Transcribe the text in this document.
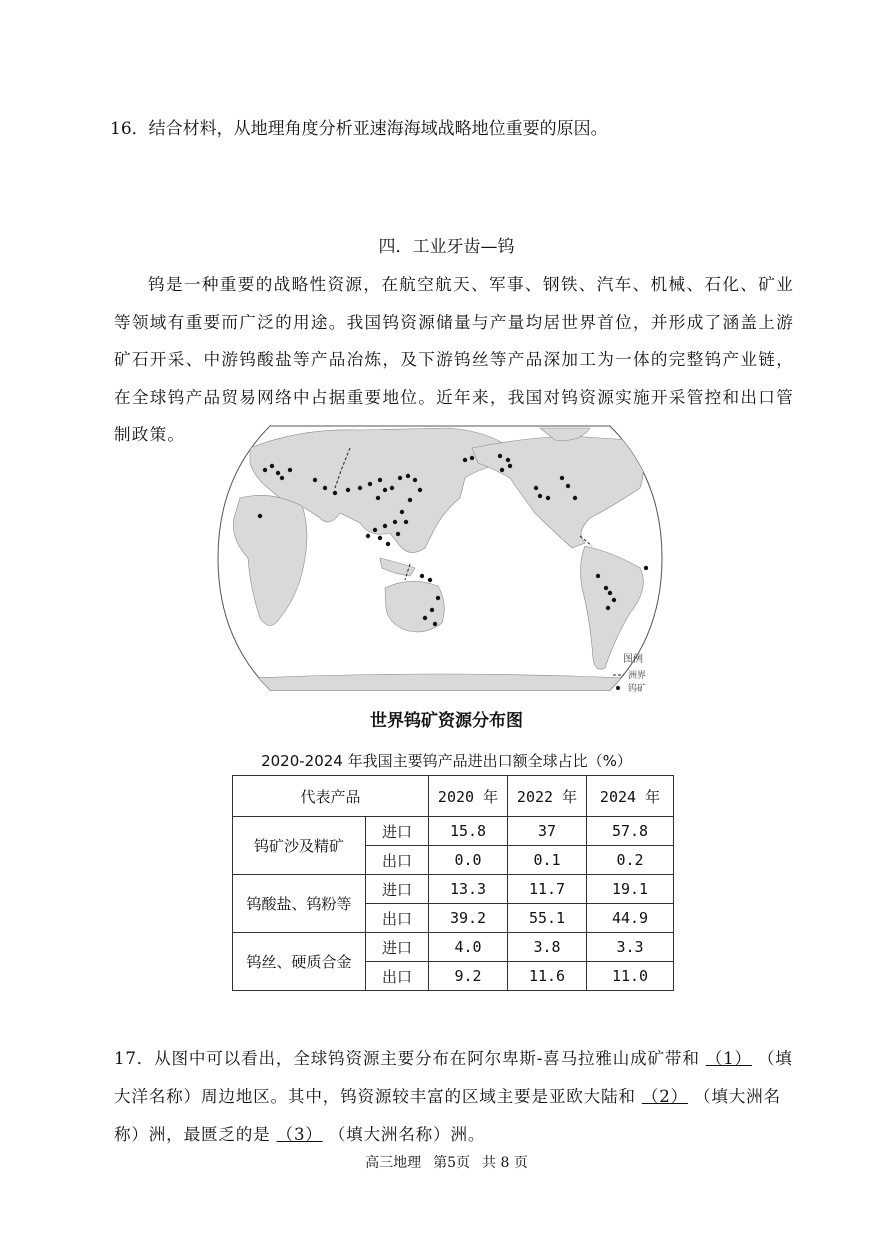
16．结合材料，从地理角度分析亚速海海域战略地位重要的原因。
四．工业牙齿—钨
钨是一种重要的战略性资源，在航空航天、军事、钢铁、汽车、机械、石化、矿业等领域有重要而广泛的用途。我国钨资源储量与产量均居世界首位，并形成了涵盖上游矿石开采、中游钨酸盐等产品冶炼，及下游钨丝等产品深加工为一体的完整钨产业链，在全球钨产品贸易网络中占据重要地位。近年来，我国对钨资源实施开采管控和出口管制政策。
图例
洲界
钨矿
世界钨矿资源分布图
2020-2024 年我国主要钨产品进出口额全球占比（%）
代表产品		2020 年	2022 年	2024 年
钨矿沙及精矿	进口	15.8	37	57.8
	出口	0.0	0.1	0.2
钨酸盐、钨粉等	进口	13.3	11.7	19.1
	出口	39.2	55.1	44.9
钨丝、硬质合金	进口	4.0	3.8	3.3
	出口	9.2	11.6	11.0
17．从图中可以看出，全球钨资源主要分布在阿尔卑斯-喜马拉雅山成矿带和 （1） （填大洋名称）周边地区。其中，钨资源较丰富的区域主要是亚欧大陆和 （2） （填大洲名称）洲，最匮乏的是 （3） （填大洲名称）洲。
高三地理 第5页 共 8 页
